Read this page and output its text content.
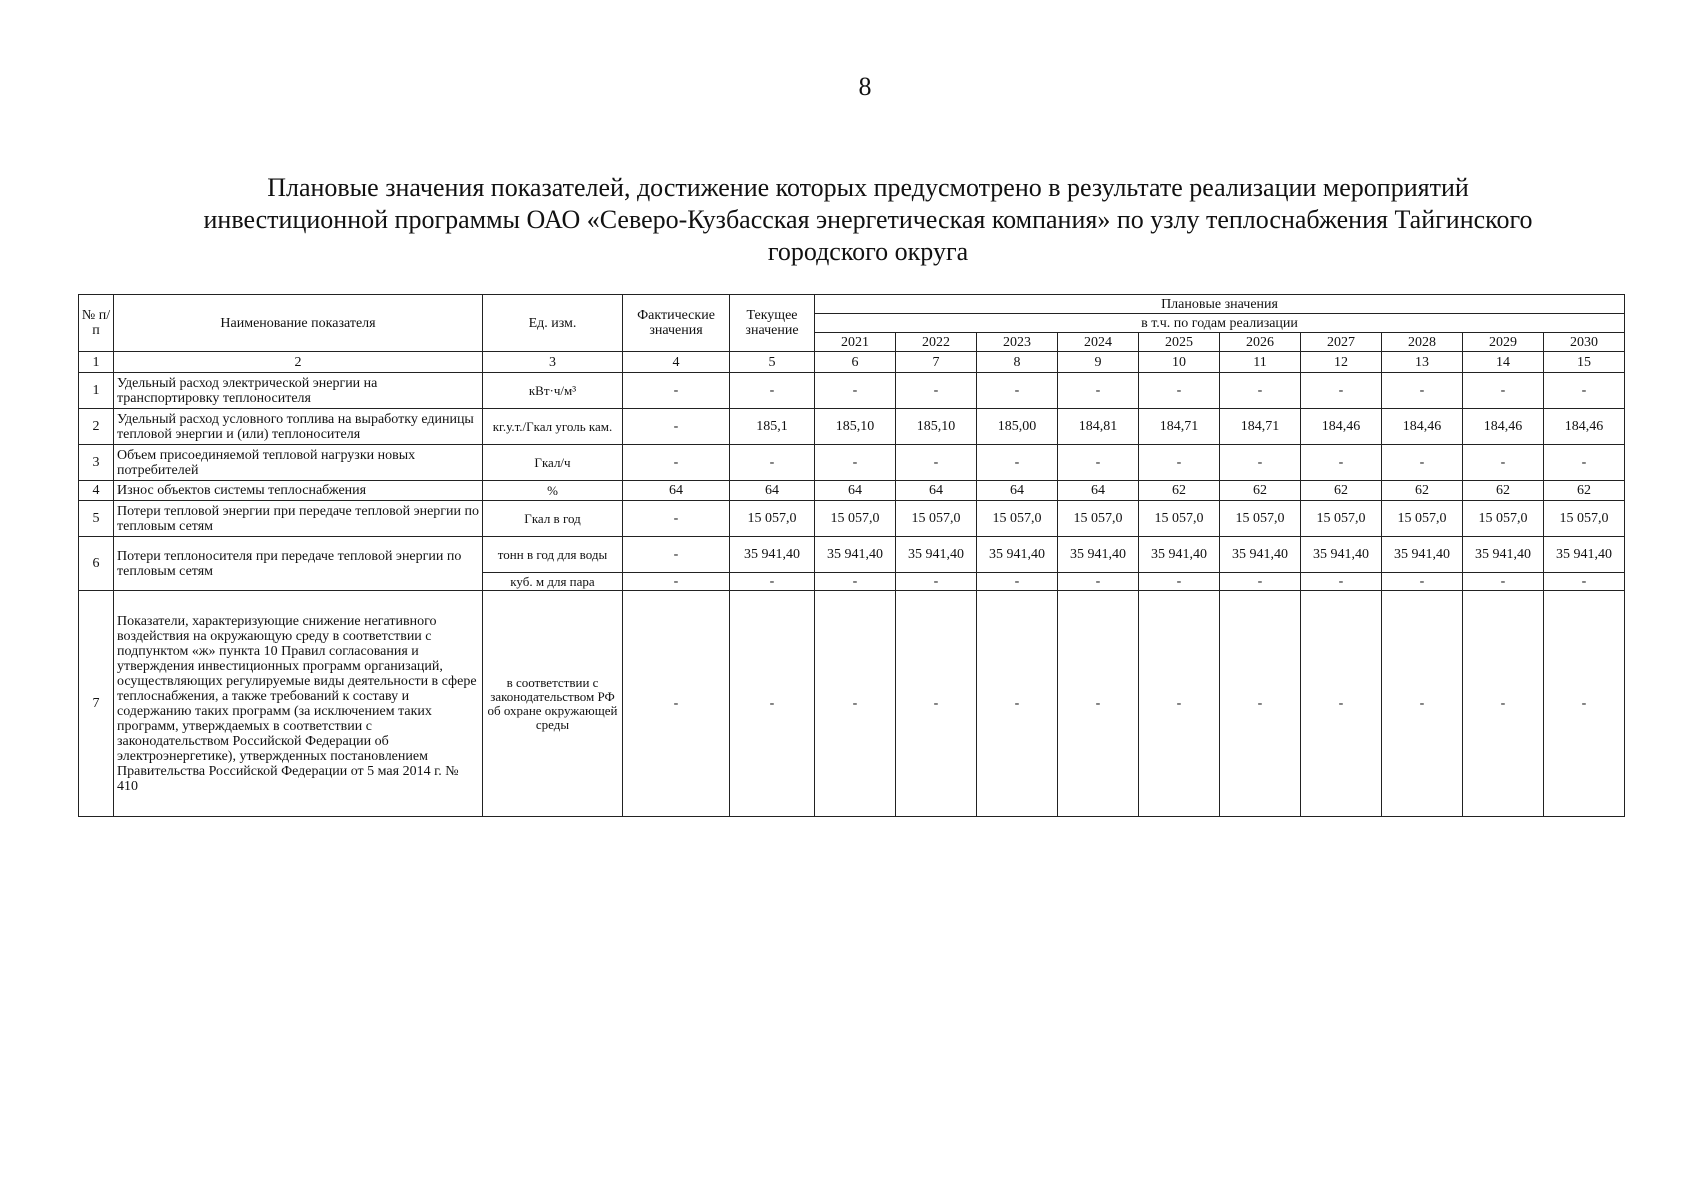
8
Плановые значения показателей, достижение которых предусмотрено в результате реализации мероприятий
инвестиционной программы ОАО «Северо-Кузбасская энергетическая компания» по узлу теплоснабжения Тайгинского
городского округа
№ п/п	Наименование показателя	Ед. изм.	Фактические значения	Текущее значение	Плановые значения									
					в т.ч. по годам реализации									
					2021	2022	2023	2024	2025	2026	2027	2028	2029	2030
1	2	3	4	5	6	7	8	9	10	11	12	13	14	15
1	Удельный расход электрической энергии на транспортировку теплоносителя	кВт·ч/м³	-	-	-	-	-	-	-	-	-	-	-	-
2	Удельный расход условного топлива на выработку единицы тепловой энергии и (или) теплоносителя	кг.у.т./Гкал уголь кам.	-	185,1	185,10	185,10	185,00	184,81	184,71	184,71	184,46	184,46	184,46	184,46
3	Объем присоединяемой тепловой нагрузки новых потребителей	Гкал/ч	-	-	-	-	-	-	-	-	-	-	-	-
4	Износ объектов системы теплоснабжения	%	64	64	64	64	64	64	62	62	62	62	62	62
5	Потери тепловой энергии при передаче тепловой энергии по тепловым сетям	Гкал в год	-	15 057,0	15 057,0	15 057,0	15 057,0	15 057,0	15 057,0	15 057,0	15 057,0	15 057,0	15 057,0	15 057,0
6	Потери теплоносителя при передаче тепловой энергии по тепловым сетям	тонн в год для воды	-	35 941,40	35 941,40	35 941,40	35 941,40	35 941,40	35 941,40	35 941,40	35 941,40	35 941,40	35 941,40	35 941,40
		куб. м для пара	-	-	-	-	-	-	-	-	-	-	-	-
7	Показатели, характеризующие снижение негативного воздействия на окружающую среду в соответствии с подпунктом «ж» пункта 10 Правил согласования и утверждения инвестиционных программ организаций, осуществляющих регулируемые виды деятельности в сфере теплоснабжения, а также требований к составу и содержанию таких программ (за исключением таких программ, утверждаемых в соответствии с законодательством Российской Федерации об электроэнергетике), утвержденных постановлением Правительства Российской Федерации от 5 мая 2014 г. № 410	в соответствии с законодательством РФ об охране окружающей среды	-	-	-	-	-	-	-	-	-	-	-	-
